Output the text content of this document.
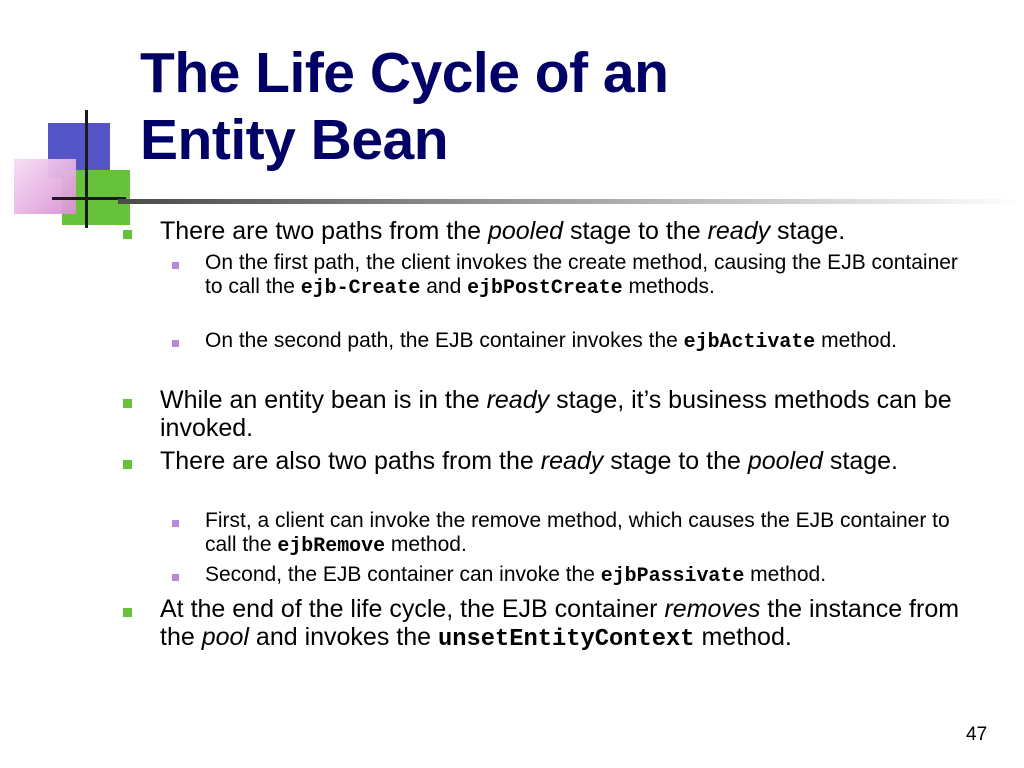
The Life Cycle of an
Entity Bean
There are two paths from the pooled stage to the ready stage.
On the first path, the client invokes the create method, causing the EJB container to call the ejb-Create and ejbPostCreate methods.
On the second path, the EJB container invokes the ejbActivate method.
While an entity bean is in the ready stage, it’s business methods can be invoked.
There are also two paths from the ready stage to the pooled stage.
First, a client can invoke the remove method, which causes the EJB container to call the ejbRemove method.
Second, the EJB container can invoke the ejbPassivate method.
At the end of the life cycle, the EJB container removes the instance from the pool and invokes the unsetEntityContext method.
47
